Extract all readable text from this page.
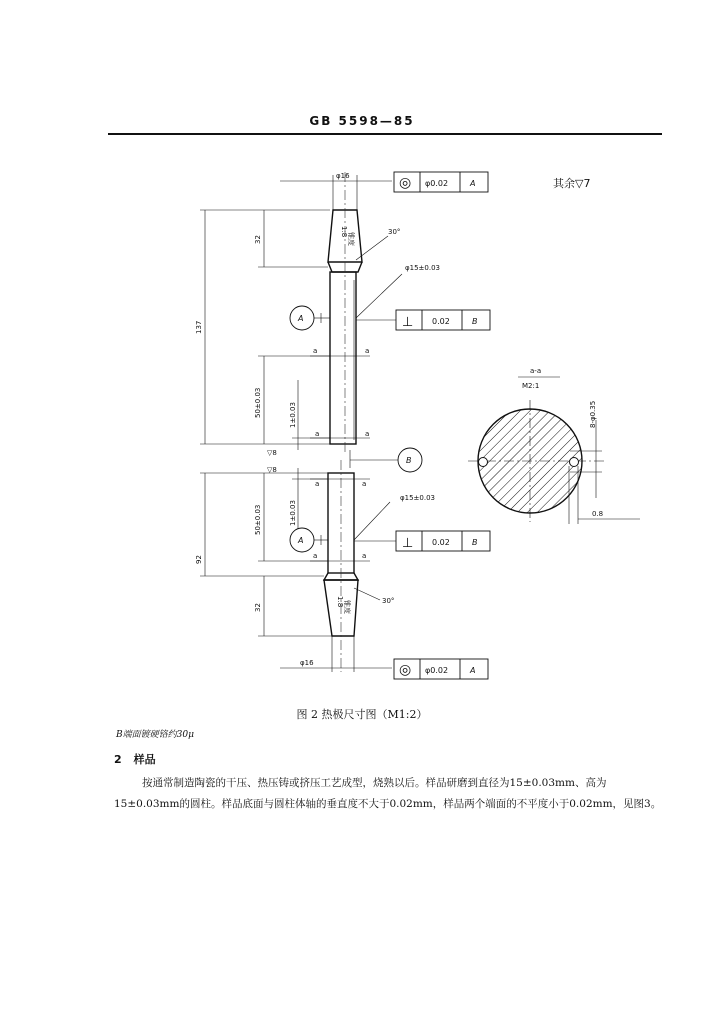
GB 5598—85
φ16
φ16
φ15±0.03
φ15±0.03
30°
30°
▽8
▽8
a	a
a	a
a	a
a	a
32
137
50±0.03	1±0.03
92
50±0.03	1±0.03
32
1:8
锥度
1:8 锥度
A
A
B
◎ φ0.02	A
◎ φ0.02	A
⊥ 0.02	B
⊥ 0.02	B
其余▽7
a-a
M2:1
8-φ0.35
0.8
图 2 热极尺寸图（M1:2）
B端面镀硬铬约30μ
2 样品
按通常制造陶瓷的干压、热压铸或挤压工艺成型，烧熟以后。样品研磨到直径为15±0.03mm、高为15±0.03mm的圆柱。样品底面与圆柱体轴的垂直度不大于0.02mm，样品两个端面的不平度小于0.02mm，见图3。
